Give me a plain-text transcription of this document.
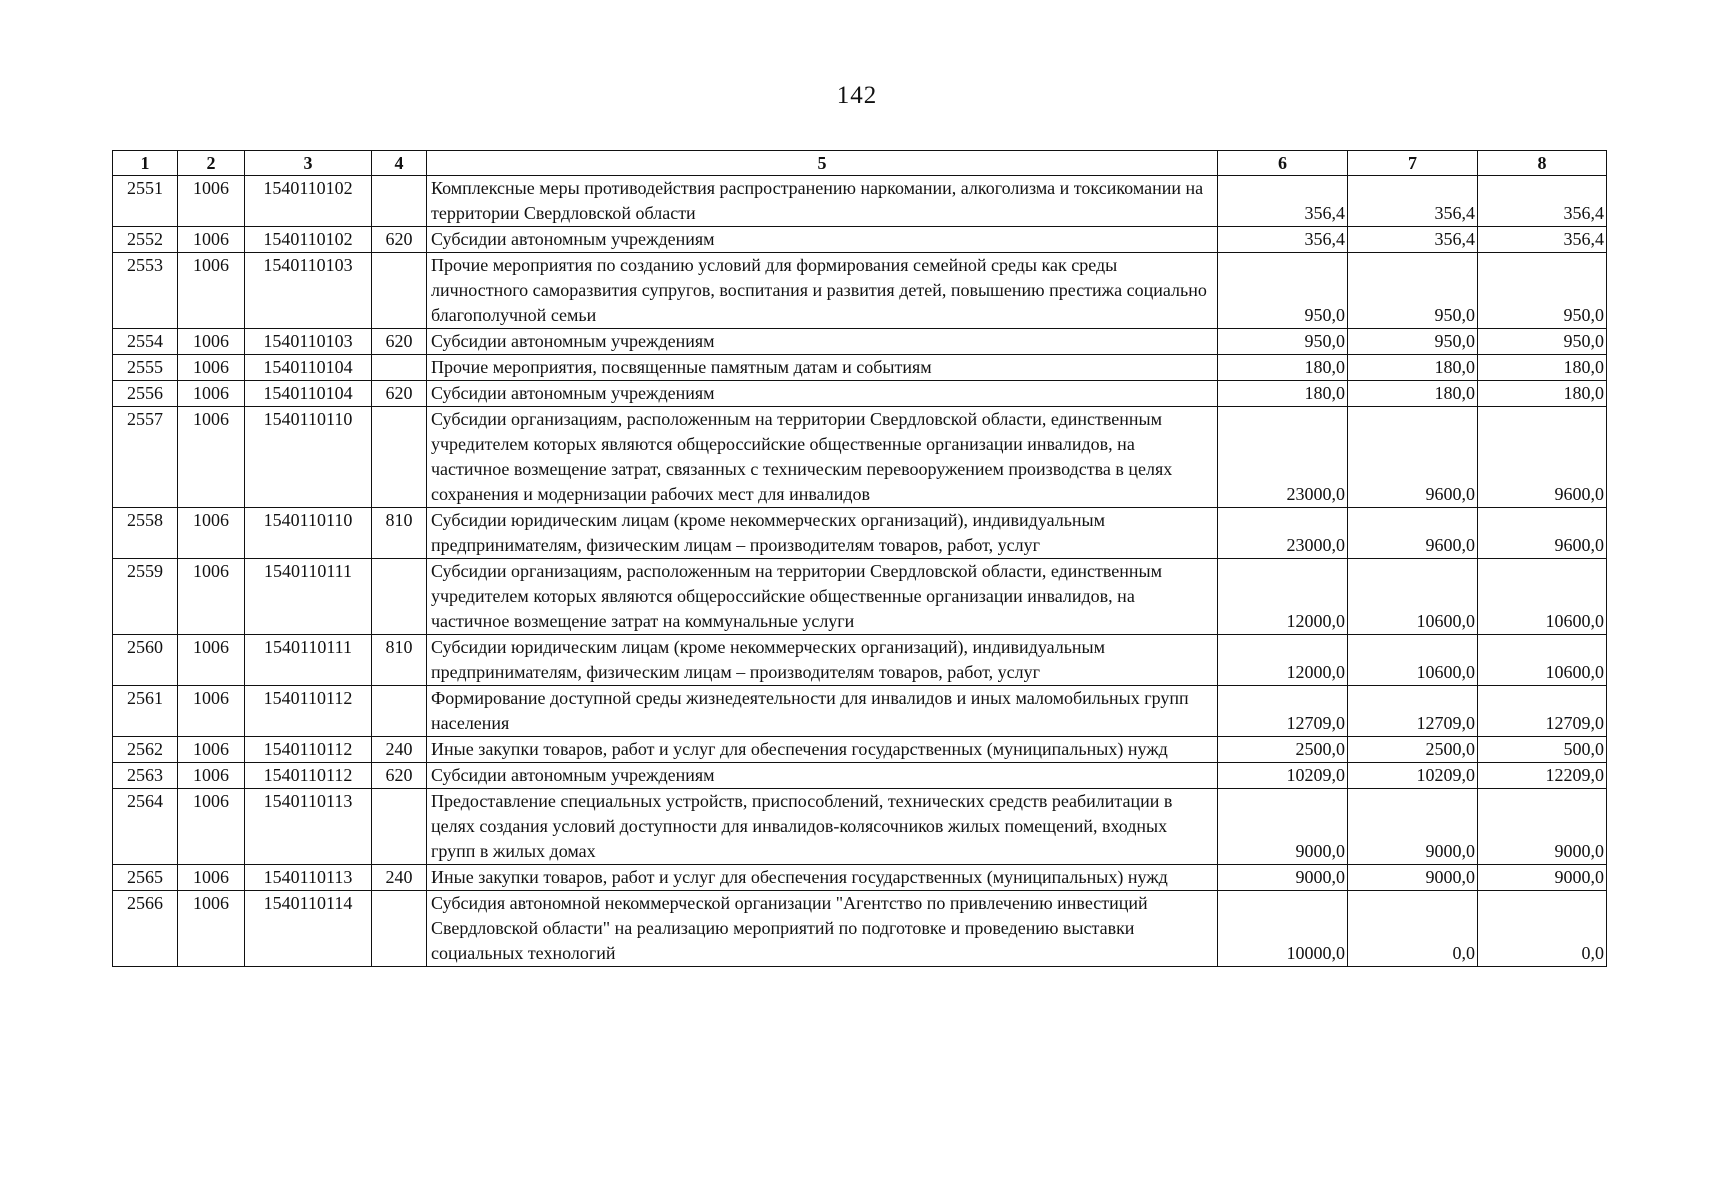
142
1	2	3	4	5	6	7	8
2551	1006	1540110102		Комплексные меры противодействия распространению наркомании, алкоголизма и токсикомании на территории Свердловской области	356,4	356,4	356,4
2552	1006	1540110102	620	Субсидии автономным учреждениям	356,4	356,4	356,4
2553	1006	1540110103		Прочие мероприятия по созданию условий для формирования семейной среды как среды личностного саморазвития супругов, воспитания и развития детей, повышению престижа социально благополучной семьи	950,0	950,0	950,0
2554	1006	1540110103	620	Субсидии автономным учреждениям	950,0	950,0	950,0
2555	1006	1540110104		Прочие мероприятия, посвященные памятным датам и событиям	180,0	180,0	180,0
2556	1006	1540110104	620	Субсидии автономным учреждениям	180,0	180,0	180,0
2557	1006	1540110110		Субсидии организациям, расположенным на территории Свердловской области, единственным учредителем которых являются общероссийские общественные организации инвалидов, на частичное возмещение затрат, связанных с техническим перевооружением производства в целях сохранения и модернизации рабочих мест для инвалидов	23000,0	9600,0	9600,0
2558	1006	1540110110	810	Субсидии юридическим лицам (кроме некоммерческих организаций), индивидуальным предпринимателям, физическим лицам – производителям товаров, работ, услуг	23000,0	9600,0	9600,0
2559	1006	1540110111		Субсидии организациям, расположенным на территории Свердловской области, единственным учредителем которых являются общероссийские общественные организации инвалидов, на частичное возмещение затрат на коммунальные услуги	12000,0	10600,0	10600,0
2560	1006	1540110111	810	Субсидии юридическим лицам (кроме некоммерческих организаций), индивидуальным предпринимателям, физическим лицам – производителям товаров, работ, услуг	12000,0	10600,0	10600,0
2561	1006	1540110112		Формирование доступной среды жизнедеятельности для инвалидов и иных маломобильных групп населения	12709,0	12709,0	12709,0
2562	1006	1540110112	240	Иные закупки товаров, работ и услуг для обеспечения государственных (муниципальных) нужд	2500,0	2500,0	500,0
2563	1006	1540110112	620	Субсидии автономным учреждениям	10209,0	10209,0	12209,0
2564	1006	1540110113		Предоставление специальных устройств, приспособлений, технических средств реабилитации в целях создания условий доступности для инвалидов-колясочников жилых помещений, входных групп в жилых домах	9000,0	9000,0	9000,0
2565	1006	1540110113	240	Иные закупки товаров, работ и услуг для обеспечения государственных (муниципальных) нужд	9000,0	9000,0	9000,0
2566	1006	1540110114		Субсидия автономной некоммерческой организации "Агентство по привлечению инвестиций Свердловской области" на реализацию мероприятий по подготовке и проведению выставки социальных технологий	10000,0	0,0	0,0
